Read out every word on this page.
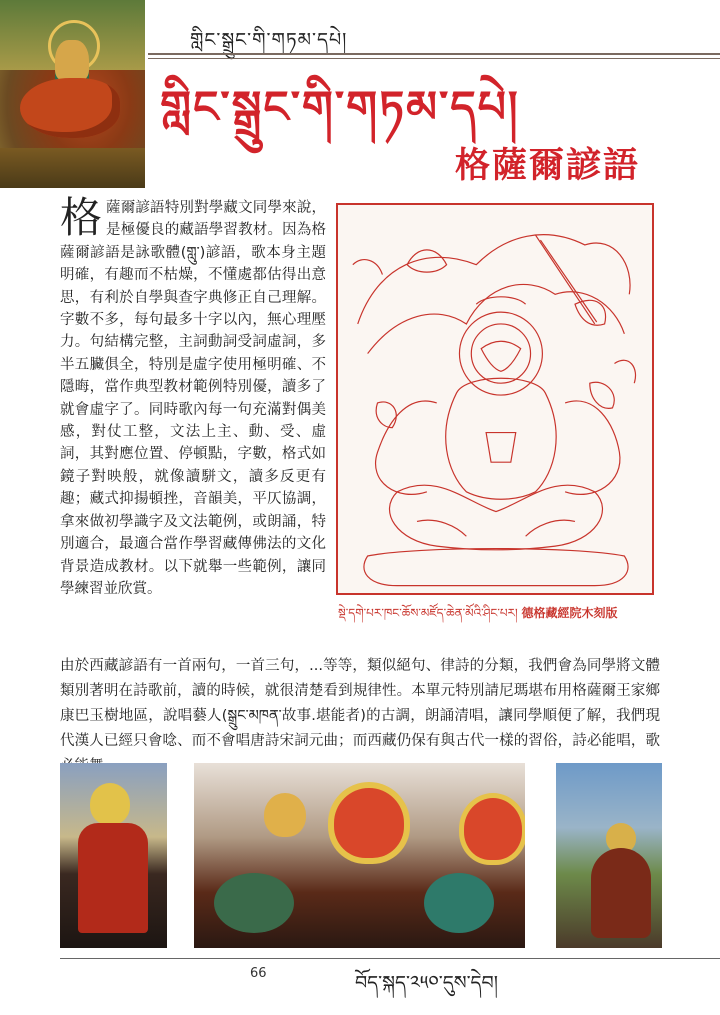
གླིང་སྒྲུང་གི་གཏམ་དཔེ།
གླིང་སྒྲུང་གི་གཏམ་དཔེ།
格薩爾諺語
格 薩爾諺語特別對學藏文同學來說，是極優良的藏語學習教材。因為格薩爾諺語是詠歌體(གླུ་)諺語，歌本身主題明確，有趣而不枯燥，不懂處都估得出意思，有利於自學與查字典修正自己理解。字數不多，每句最多十字以內，無心理壓力。句結構完整，主詞動詞受詞虛詞，多半五臟俱全，特別是虛字使用極明確、不隱晦，當作典型教材範例特別優，讀多了就會虛字了。同時歌內每一句充滿對偶美感，對仗工整，文法上主、動、受、虛詞，其對應位置、停頓點，字數，格式如鏡子對映般，就像讀駢文，讀多反更有趣；藏式抑揚頓挫，音韻美，平仄協調，拿來做初學識字及文法範例，或朗誦，特別適合，最適合當作學習藏傳佛法的文化背景造成教材。以下就舉一些範例，讓同學練習並欣賞。
སྡེ་དགེ་པར་ཁང་ཆོས་མཛོད་ཆེན་མོའི་ཤིང་པར། 德格藏經院木刻版
由於西藏諺語有一首兩句，一首三句，...等等，類似絕句、律詩的分類，我們會為同學將文體類別著明在詩歌前，讀的時候，就很清楚看到規律性。本單元特別請尼瑪堪布用格薩爾王家鄉康巴玉樹地區，說唱藝人(སྒྲུང་མཁན་故事.堪能者)的古調，朗誦清唱，讓同學順便了解，我們現代漢人已經只會唸、而不會唱唐詩宋詞元曲；而西藏仍保有與古代一樣的習俗，詩必能唱，歌
66	བོད་སྐད་༢༥༠་དུས་དེབ།
